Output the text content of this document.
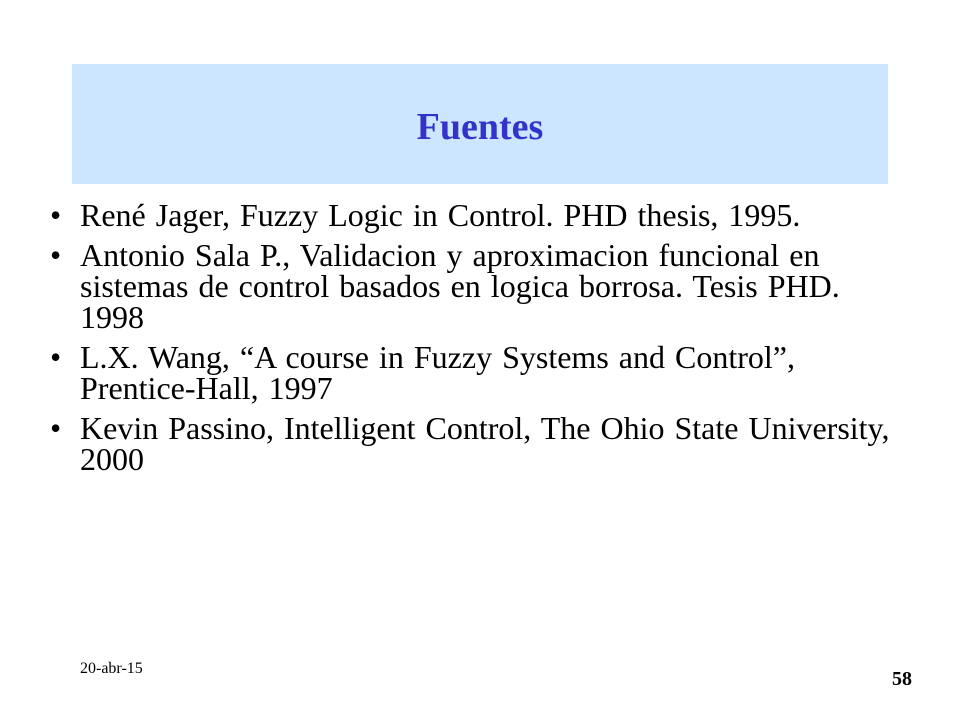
Fuentes
• René Jager, Fuzzy Logic in Control. PHD thesis, 1995.
• Antonio Sala P., Validacion y aproximacion funcional en sistemas de control basados en logica borrosa. Tesis PHD. 1998
• L.X. Wang, “A course in Fuzzy Systems and Control”, Prentice-Hall, 1997
• Kevin Passino, Intelligent Control, The Ohio State University, 2000
20-abr-15	58
